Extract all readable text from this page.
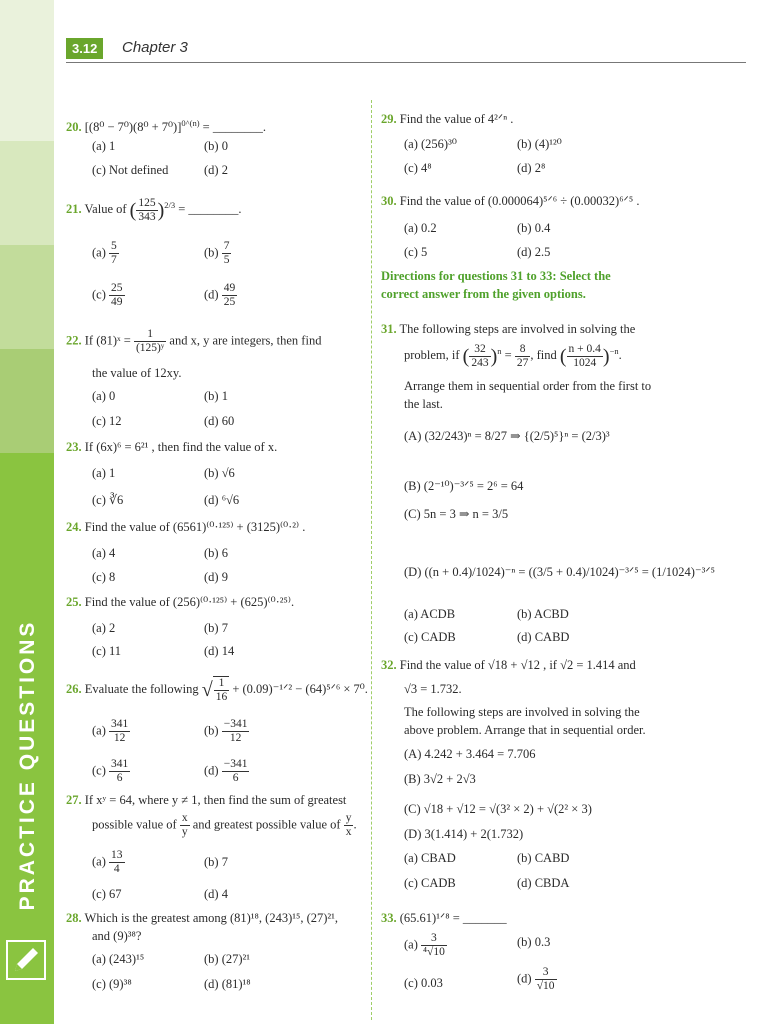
PRACTICE QUESTIONS
3.12	Chapter 3
20. $[(8^0 - 7^0)(8^0 + 7^0)]^{0\^{}(n)}$ = ________.
(a) 1	(b) 0
(c) Not defined	(d) 2
21. Value of ( $\frac{125}{343} )^{2/3}$ = ________.
$(a) \frac{5}{7}$	$(b) \frac{7}{5}$
$(c) \frac{25}{49}$	$(d) \frac{49}{25}$
22. If (81)ˣ = $\frac{1}{\text{(125)ʸ}}$ and x, y are integers, then find
the value of 12xy.
(a) 0	(b) 1
(c) 12	(d) 60
23. If (6x)⁶ = 6²¹ , then find the value of x.
(a) 1	(b) √6
(c) ∛6	(d) ⁶√6
24. Find the value of (6561)⁽⁰·¹²⁵⁾ + (3125)⁽⁰·²⁾ .
(a) 4	(b) 6
(c) 8	(d) 9
25. Find the value of (256)⁽⁰·¹²⁵⁾ + (625)⁽⁰·²⁵⁾.
(a) 2	(b) 7
(c) 11	(d) 14
26. Evaluate the following √ $\frac{1}{16}$ + (0.09)⁻¹ᐟ² − (64)⁵ᐟ⁶ × 7⁰.
$(a) \frac{341}{12}$	$(b) \frac{-341}{12}$
$(c) \frac{341}{6}$	$(d) \frac{-341}{6}$
27. If xʸ = 64, where y ≠ 1, then find the sum of greatest
possible value of $\frac{x}{y}$ and greatest possible value of $\frac{y}{x}$ .
$(a) \frac{13}{4}$	(b) 7
(c) 67	(d) 4
28. Which is the greatest among (81)¹⁸, (243)¹⁵, (27)²¹,
and (9)³⁸?
(a) (243)¹⁵	(b) (27)²¹
(c) (9)³⁸	(d) (81)¹⁸
29. Find the value of 4²ᐟⁿ .
(a) (256)³⁰	(b) (4)¹²⁰
(c) 4⁸	(d) 2⁸
30. Find the value of (0.000064)⁵ᐟ⁶ ÷ (0.00032)⁶ᐟ⁵ .
(a) 0.2	(b) 0.4
(c) 5	(d) 2.5
Directions for questions 31 to 33: Select the
correct answer from the given options.
31. The following steps are involved in solving the
problem, if ( $\frac{32}{243} )^n = \frac{8}{27}$ , find ( $\frac{n + 0.4}{1024} )^{-n}$.
Arrange them in sequential order from the first to
the last.
(A) (32/243)ⁿ = 8/27 ⇒ {(2/5)⁵}ⁿ = (2/3)³
(B) (2⁻¹⁰)⁻³ᐟ⁵ = 2⁶ = 64
(C) 5n = 3 ⇒ n = 3/5
(D) ((n + 0.4)/1024)⁻ⁿ = ((3/5 + 0.4)/1024)⁻³ᐟ⁵ = (1/1024)⁻³ᐟ⁵
(a) ACDB	(b) ACBD
(c) CADB	(d) CABD
32. Find the value of √18 + √12 , if √2 = 1.414 and
√3 = 1.732.
The following steps are involved in solving the
above problem. Arrange that in sequential order.
(A) 4.242 + 3.464 = 7.706
(B) 3√2 + 2√3
(C) √18 + √12 = √(3² × 2) + √(2² × 3)
(D) 3(1.414) + 2(1.732)
(a) CBAD	(b) CABD
(c) CADB	(d) CBDA
33. (65.61)¹ᐟ⁸ = _______
$(a) \frac{3}{\text{⁴√10}}$	(b) 0.3
(c) 0.03	$(d) \frac{3}{√10}$
